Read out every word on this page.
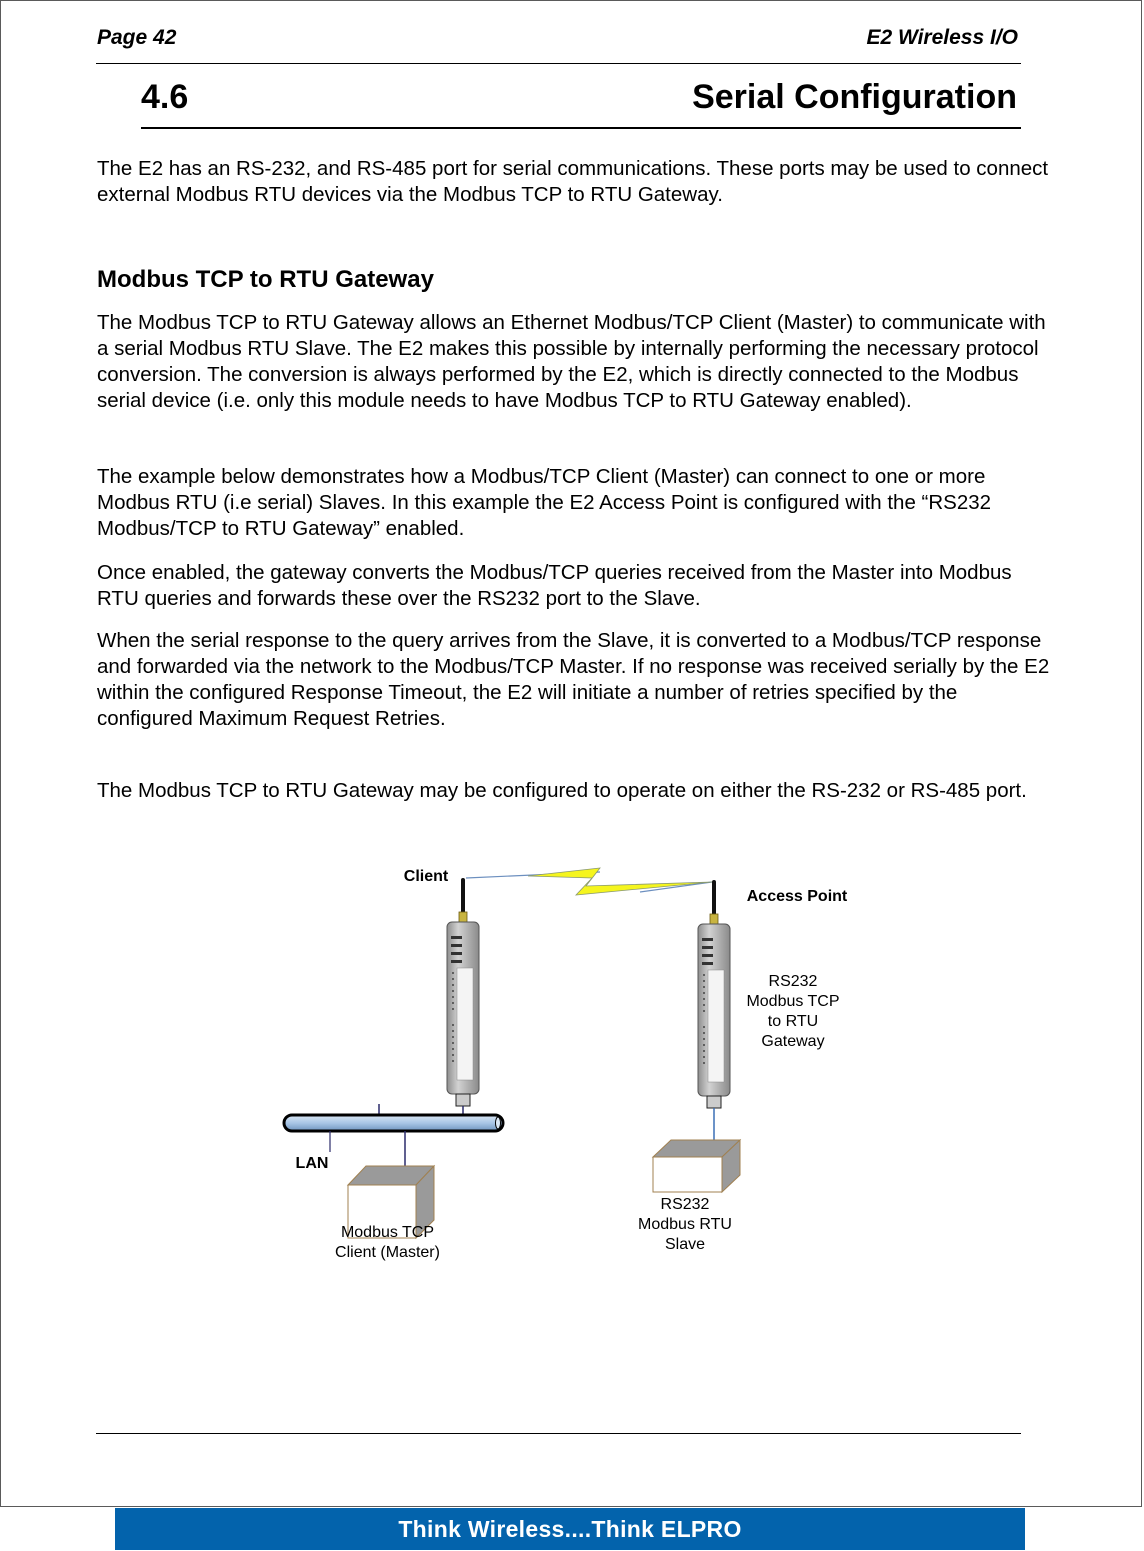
Page 42	E2 Wireless I/O
4.6	Serial Configuration

The E2 has an RS-232, and RS-485 port for serial communications. These ports may be used to connect external Modbus RTU devices via the Modbus TCP to RTU Gateway.

Modbus TCP to RTU Gateway

The Modbus TCP to RTU Gateway allows an Ethernet Modbus/TCP Client (Master) to communicate with a serial Modbus RTU Slave. The E2 makes this possible by internally performing the necessary protocol conversion. The conversion is always performed by the E2, which is directly connected to the Modbus serial device (i.e. only this module needs to have Modbus TCP to RTU Gateway enabled).

The example below demonstrates how a Modbus/TCP Client (Master) can connect to one or more Modbus RTU (i.e serial) Slaves. In this example the E2 Access Point is configured with the “RS232 Modbus/TCP to RTU Gateway” enabled.

Once enabled, the gateway converts the Modbus/TCP queries received from the Master into Modbus RTU queries and forwards these over the RS232 port to the Slave.

When the serial response to the query arrives from the Slave, it is converted to a Modbus/TCP response and forwarded via the network to the Modbus/TCP Master. If no response was received serially by the E2 within the configured Response Timeout, the E2 will initiate a number of retries specified by the configured Maximum Request Retries.

The Modbus TCP to RTU Gateway may be configured to operate on either the RS-232 or RS-485 port.

Client
Access Point
RS232
Modbus TCP
to RTU
Gateway
LAN
Modbus TCP
Client (Master)
RS232
Modbus RTU
Slave
Think Wireless....Think ELPRO
